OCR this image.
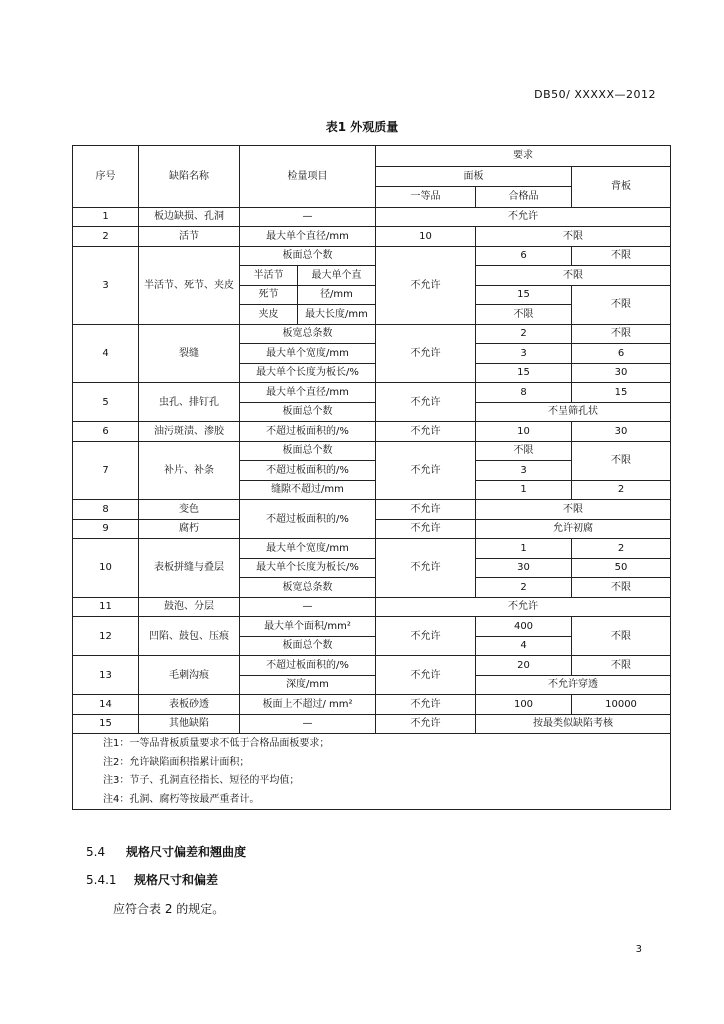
DB50/ XXXXX—2012
表1 外观质量
序号	缺陷名称	检量项目		要求		
				面板		背板
				一等品	合格品	
1	板边缺损、孔洞	—		不允许		
2	活节	最大单个直径/mm		10	不限	
3	半活节、死节、夹皮	板面总个数		不允许	6	不限
		半活节	最大单个直		不限	
		死节	径/mm		15	不限
		夹皮	最大长度/mm		不限	
4	裂缝	板宽总条数		不允许	2	不限
		最大单个宽度/mm			3	6
		最大单个长度为板长/%			15	30
5	虫孔、排钉孔	最大单个直径/mm		不允许	8	15
		板面总个数			不呈筛孔状	
6	油污斑渍、渗胶	不超过板面积的/%		不允许	10	30
7	补片、补条	板面总个数		不允许	不限	不限
		不超过板面积的/%			3	
		缝隙不超过/mm			1	2
8	变色	不超过板面积的/%		不允许	不限	
9	腐朽			不允许	允许初腐	
10	表板拼缝与叠层	最大单个宽度/mm		不允许	1	2
		最大单个长度为板长/%			30	50
		板宽总条数			2	不限
11	鼓泡、分层	—		不允许		
12	凹陷、鼓包、压痕	最大单个面积/mm²		不允许	400	不限
		板面总个数			4	
13	毛刺沟痕	不超过板面积的/%		不允许	20	不限
		深度/mm			不允许穿透	
14	表板砂透	板面上不超过/ mm²		不允许	100	10000
15	其他缺陷	—		不允许	按最类似缺陷考核	
注1：一等品背板质量要求不低于合格品面板要求；						
注2：允许缺陷面积指累计面积；						
注3：节子、孔洞直径指长、短径的平均值；						
注4：孔洞、腐朽等按最严重者计。						
5.4 规格尺寸偏差和翘曲度
5.4.1 规格尺寸和偏差
应符合表 2 的规定。
3
